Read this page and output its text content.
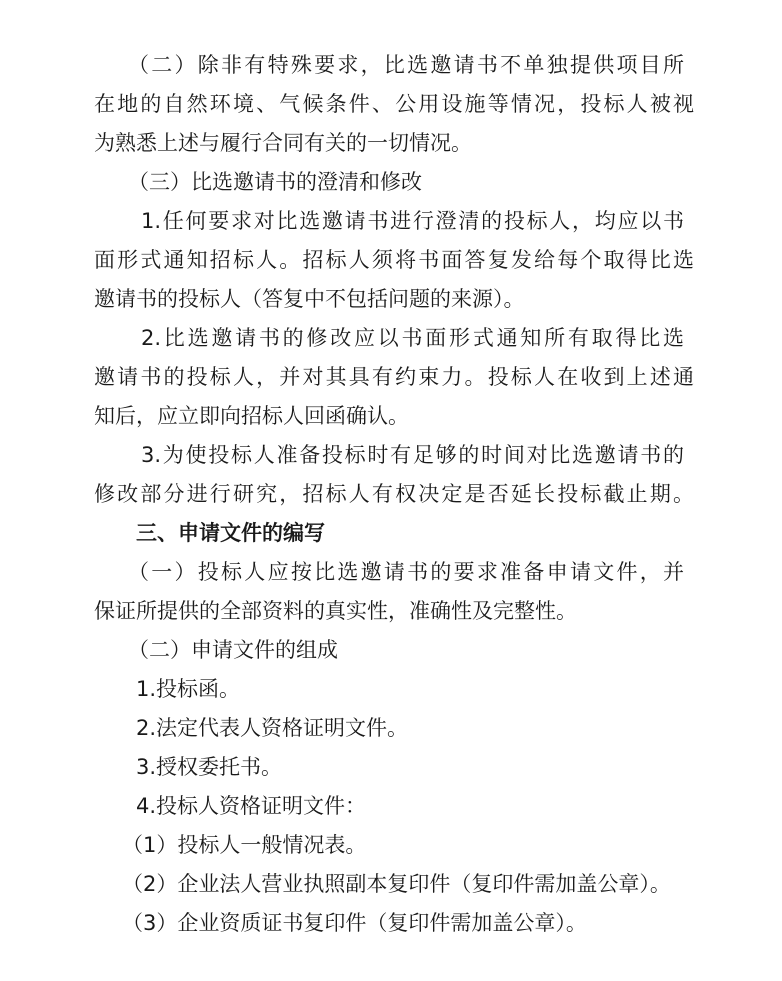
（二）除非有特殊要求，比选邀请书不单独提供项目所
在地的自然环境、气候条件、公用设施等情况，投标人被视
为熟悉上述与履行合同有关的一切情况。
（三）比选邀请书的澄清和修改
1.任何要求对比选邀请书进行澄清的投标人，均应以书
面形式通知招标人。招标人须将书面答复发给每个取得比选
邀请书的投标人（答复中不包括问题的来源）。
2.比选邀请书的修改应以书面形式通知所有取得比选
邀请书的投标人，并对其具有约束力。投标人在收到上述通
知后，应立即向招标人回函确认。
3.为使投标人准备投标时有足够的时间对比选邀请书的
修改部分进行研究，招标人有权决定是否延长投标截止期。
三、申请文件的编写
（一）投标人应按比选邀请书的要求准备申请文件，并
保证所提供的全部资料的真实性，准确性及完整性。
（二）申请文件的组成
1.投标函。
2.法定代表人资格证明文件。
3.授权委托书。
4.投标人资格证明文件：
（1）投标人一般情况表。
（2）企业法人营业执照副本复印件（复印件需加盖公章）。
（3）企业资质证书复印件（复印件需加盖公章）。
